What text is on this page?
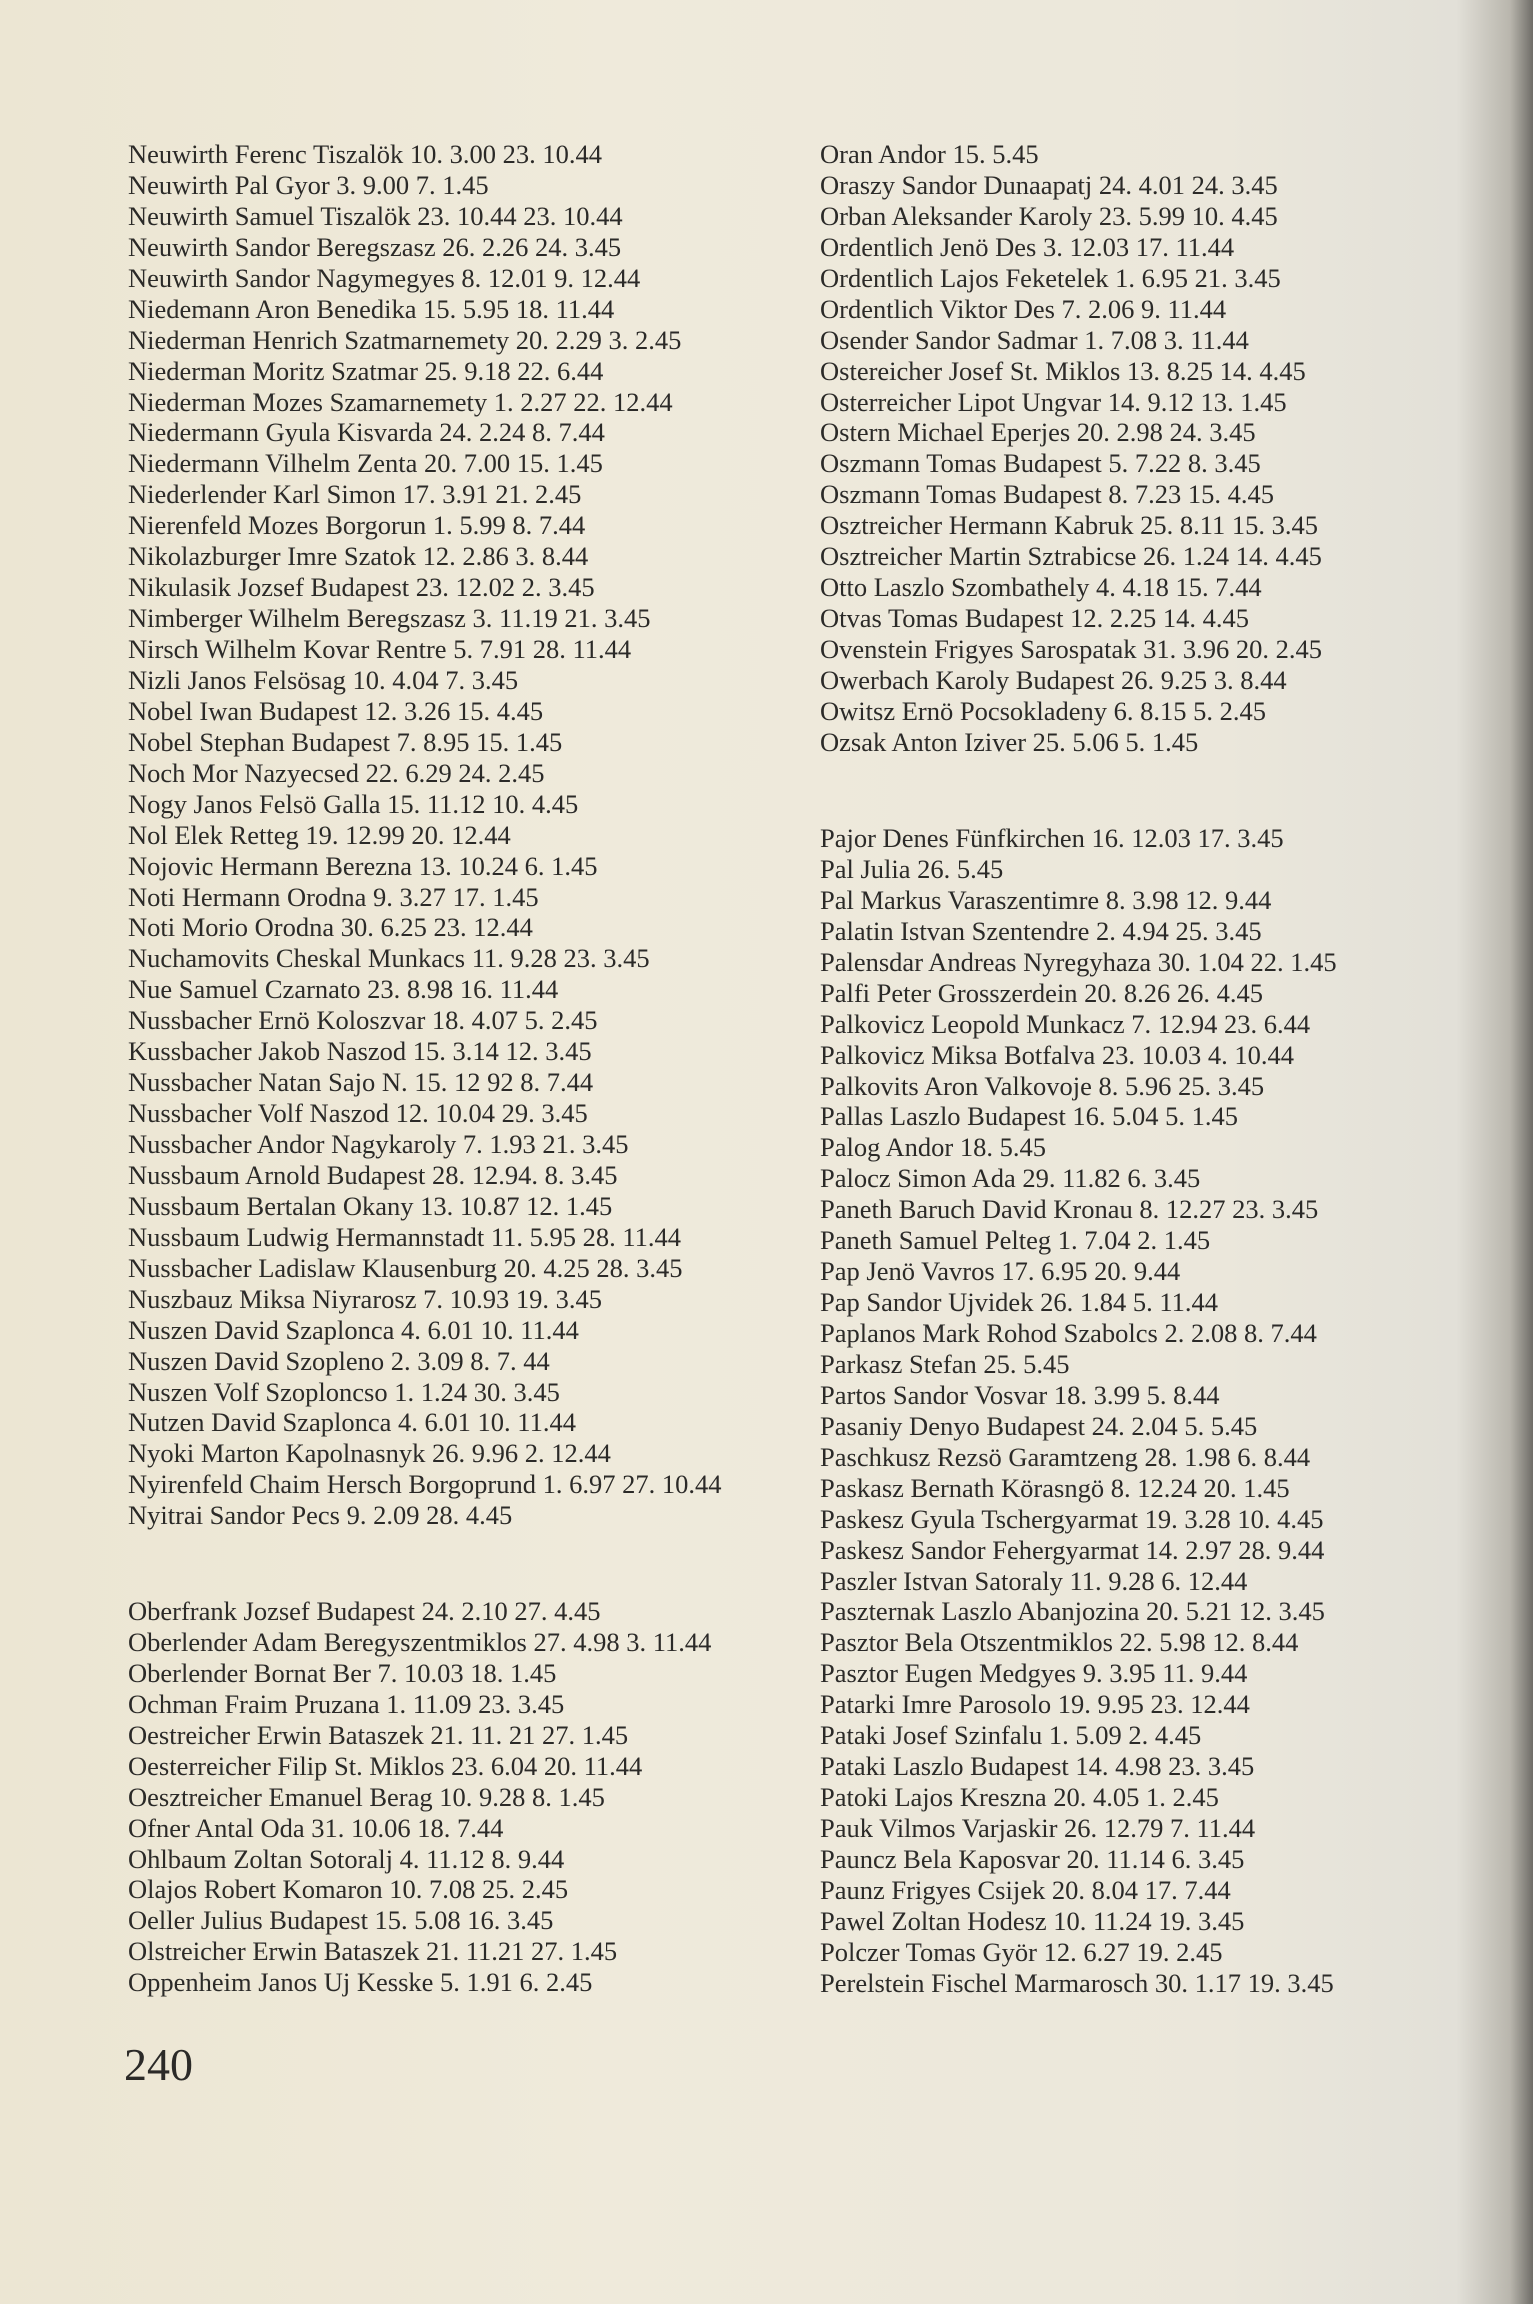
Neuwirth Ferenc Tiszalök 10. 3.00 23. 10.44
Neuwirth Pal Gyor 3. 9.00 7. 1.45
Neuwirth Samuel Tiszalök 23. 10.44 23. 10.44
Neuwirth Sandor Beregszasz 26. 2.26 24. 3.45
Neuwirth Sandor Nagymegyes 8. 12.01 9. 12.44
Niedemann Aron Benedika 15. 5.95 18. 11.44
Niederman Henrich Szatmarnemety 20. 2.29 3. 2.45
Niederman Moritz Szatmar 25. 9.18 22. 6.44
Niederman Mozes Szamarnemety 1. 2.27 22. 12.44
Niedermann Gyula Kisvarda 24. 2.24 8. 7.44
Niedermann Vilhelm Zenta 20. 7.00 15. 1.45
Niederlender Karl Simon 17. 3.91 21. 2.45
Nierenfeld Mozes Borgorun 1. 5.99 8. 7.44
Nikolazburger Imre Szatok 12. 2.86 3. 8.44
Nikulasik Jozsef Budapest 23. 12.02 2. 3.45
Nimberger Wilhelm Beregszasz 3. 11.19 21. 3.45
Nirsch Wilhelm Kovar Rentre 5. 7.91 28. 11.44
Nizli Janos Felsösag 10. 4.04 7. 3.45
Nobel Iwan Budapest 12. 3.26 15. 4.45
Nobel Stephan Budapest 7. 8.95 15. 1.45
Noch Mor Nazyecsed 22. 6.29 24. 2.45
Nogy Janos Felsö Galla 15. 11.12 10. 4.45
Nol Elek Retteg 19. 12.99 20. 12.44
Nojovic Hermann Berezna 13. 10.24 6. 1.45
Noti Hermann Orodna 9. 3.27 17. 1.45
Noti Morio Orodna 30. 6.25 23. 12.44
Nuchamovits Cheskal Munkacs 11. 9.28 23. 3.45
Nue Samuel Czarnato 23. 8.98 16. 11.44
Nussbacher Ernö Koloszvar 18. 4.07 5. 2.45
Kussbacher Jakob Naszod 15. 3.14 12. 3.45
Nussbacher Natan Sajo N. 15. 12 92 8. 7.44
Nussbacher Volf Naszod 12. 10.04 29. 3.45
Nussbacher Andor Nagykaroly 7. 1.93 21. 3.45
Nussbaum Arnold Budapest 28. 12.94. 8. 3.45
Nussbaum Bertalan Okany 13. 10.87 12. 1.45
Nussbaum Ludwig Hermannstadt 11. 5.95 28. 11.44
Nussbacher Ladislaw Klausenburg 20. 4.25 28. 3.45
Nuszbauz Miksa Niyrarosz 7. 10.93 19. 3.45
Nuszen David Szaplonca 4. 6.01 10. 11.44
Nuszen David Szopleno 2. 3.09 8. 7. 44
Nuszen Volf Szoploncso 1. 1.24 30. 3.45
Nutzen David Szaplonca 4. 6.01 10. 11.44
Nyoki Marton Kapolnasnyk 26. 9.96 2. 12.44
Nyirenfeld Chaim Hersch Borgoprund 1. 6.97 27. 10.44
Nyitrai Sandor Pecs 9. 2.09 28. 4.45
Oberfrank Jozsef Budapest 24. 2.10 27. 4.45
Oberlender Adam Beregyszentmiklos 27. 4.98 3. 11.44
Oberlender Bornat Ber 7. 10.03 18. 1.45
Ochman Fraim Pruzana 1. 11.09 23. 3.45
Oestreicher Erwin Bataszek 21. 11. 21 27. 1.45
Oesterreicher Filip St. Miklos 23. 6.04 20. 11.44
Oesztreicher Emanuel Berag 10. 9.28 8. 1.45
Ofner Antal Oda 31. 10.06 18. 7.44
Ohlbaum Zoltan Sotoralj 4. 11.12 8. 9.44
Olajos Robert Komaron 10. 7.08 25. 2.45
Oeller Julius Budapest 15. 5.08 16. 3.45
Olstreicher Erwin Bataszek 21. 11.21 27. 1.45
Oppenheim Janos Uj Kesske 5. 1.91 6. 2.45
Oran Andor 15. 5.45
Oraszy Sandor Dunaapatj 24. 4.01 24. 3.45
Orban Aleksander Karoly 23. 5.99 10. 4.45
Ordentlich Jenö Des 3. 12.03 17. 11.44
Ordentlich Lajos Feketelek 1. 6.95 21. 3.45
Ordentlich Viktor Des 7. 2.06 9. 11.44
Osender Sandor Sadmar 1. 7.08 3. 11.44
Ostereicher Josef St. Miklos 13. 8.25 14. 4.45
Osterreicher Lipot Ungvar 14. 9.12 13. 1.45
Ostern Michael Eperjes 20. 2.98 24. 3.45
Oszmann Tomas Budapest 5. 7.22 8. 3.45
Oszmann Tomas Budapest 8. 7.23 15. 4.45
Osztreicher Hermann Kabruk 25. 8.11 15. 3.45
Osztreicher Martin Sztrabicse 26. 1.24 14. 4.45
Otto Laszlo Szombathely 4. 4.18 15. 7.44
Otvas Tomas Budapest 12. 2.25 14. 4.45
Ovenstein Frigyes Sarospatak 31. 3.96 20. 2.45
Owerbach Karoly Budapest 26. 9.25 3. 8.44
Owitsz Ernö Pocsokladeny 6. 8.15 5. 2.45
Ozsak Anton Iziver 25. 5.06 5. 1.45
Pajor Denes Fünfkirchen 16. 12.03 17. 3.45
Pal Julia 26. 5.45
Pal Markus Varaszentimre 8. 3.98 12. 9.44
Palatin Istvan Szentendre 2. 4.94 25. 3.45
Palensdar Andreas Nyregyhaza 30. 1.04 22. 1.45
Palfi Peter Grosszerdein 20. 8.26 26. 4.45
Palkovicz Leopold Munkacz 7. 12.94 23. 6.44
Palkovicz Miksa Botfalva 23. 10.03 4. 10.44
Palkovits Aron Valkovoje 8. 5.96 25. 3.45
Pallas Laszlo Budapest 16. 5.04 5. 1.45
Palog Andor 18. 5.45
Palocz Simon Ada 29. 11.82 6. 3.45
Paneth Baruch David Kronau 8. 12.27 23. 3.45
Paneth Samuel Pelteg 1. 7.04 2. 1.45
Pap Jenö Vavros 17. 6.95 20. 9.44
Pap Sandor Ujvidek 26. 1.84 5. 11.44
Paplanos Mark Rohod Szabolcs 2. 2.08 8. 7.44
Parkasz Stefan 25. 5.45
Partos Sandor Vosvar 18. 3.99 5. 8.44
Pasaniy Denyo Budapest 24. 2.04 5. 5.45
Paschkusz Rezsö Garamtzeng 28. 1.98 6. 8.44
Paskasz Bernath Körasngö 8. 12.24 20. 1.45
Paskesz Gyula Tschergyarmat 19. 3.28 10. 4.45
Paskesz Sandor Fehergyarmat 14. 2.97 28. 9.44
Paszler Istvan Satoraly 11. 9.28 6. 12.44
Paszternak Laszlo Abanjozina 20. 5.21 12. 3.45
Pasztor Bela Otszentmiklos 22. 5.98 12. 8.44
Pasztor Eugen Medgyes 9. 3.95 11. 9.44
Patarki Imre Parosolo 19. 9.95 23. 12.44
Pataki Josef Szinfalu 1. 5.09 2. 4.45
Pataki Laszlo Budapest 14. 4.98 23. 3.45
Patoki Lajos Kreszna 20. 4.05 1. 2.45
Pauk Vilmos Varjaskir 26. 12.79 7. 11.44
Pauncz Bela Kaposvar 20. 11.14 6. 3.45
Paunz Frigyes Csijek 20. 8.04 17. 7.44
Pawel Zoltan Hodesz 10. 11.24 19. 3.45
Polczer Tomas Györ 12. 6.27 19. 2.45
Perelstein Fischel Marmarosch 30. 1.17 19. 3.45
240
